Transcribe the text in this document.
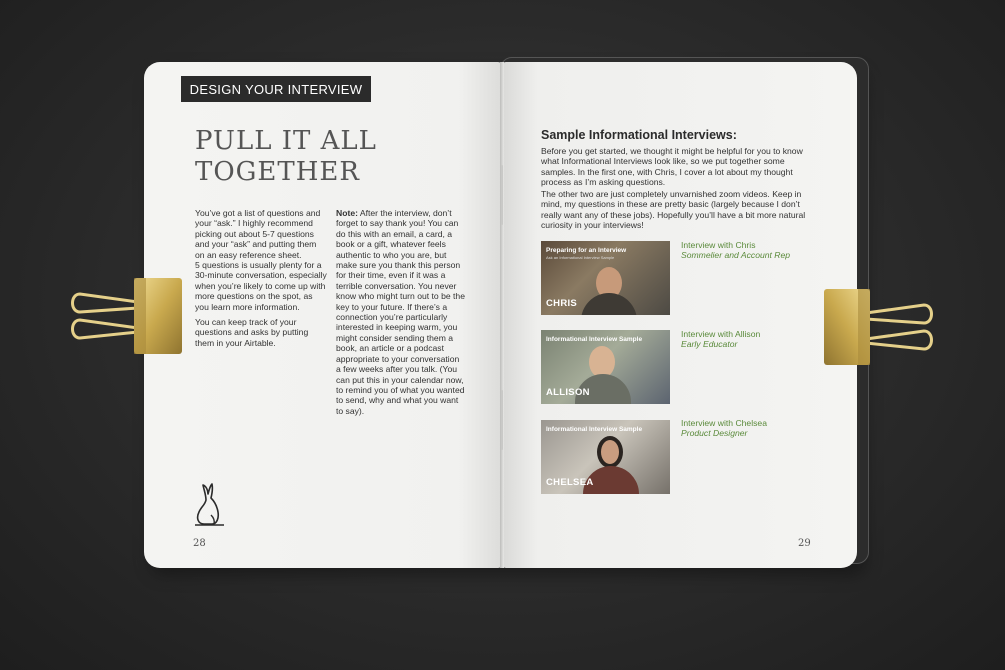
DESIGN YOUR INTERVIEW
PULL IT ALL
TOGETHER

You’ve got a list of questions and your “ask.” I highly recommend picking out about 5-7 questions and your “ask” and putting them on an easy reference sheet.

5 questions is usually plenty for a 30-minute conversation, especially when you’re likely to come up with more questions on the spot, as you learn more information.

You can keep track of your questions and asks by putting them in your Airtable.

Note: After the interview, don’t forget to say thank you! You can do this with an email, a card, a book or a gift, whatever feels authentic to who you are, but make sure you thank this person for their time, even if it was a terrible conversation. You never know who might turn out to be the key to your future. If there’s a connection you’re particularly interested in keeping warm, you might consider sending them a book, an article or a podcast appropriate to your conversation a few weeks after you talk. (You can put this in your calendar now, to remind you of what you wanted to send, why and what you want to say).

28
Sample Informational Interviews:
Before you get started, we thought it might be helpful for you to know what Informational Interviews look like, so we put together some samples. In the first one, with Chris, I cover a lot about my thought process as I’m asking questions.
The other two are just completely unvarnished zoom videos. Keep in mind, my questions in these are pretty basic (largely because I don’t really want any of these jobs). Hopefully you’ll have a bit more natural curiosity in your interviews!
Preparing for an Interview
Ask an Informational Interview Sample
CHRIS
Interview with Chris
Sommelier and Account Rep
Informational Interview Sample
ALLISON
Interview with Allison
Early Educator
Informational Interview Sample
CHELSEA
Interview with Chelsea
Product Designer
29
